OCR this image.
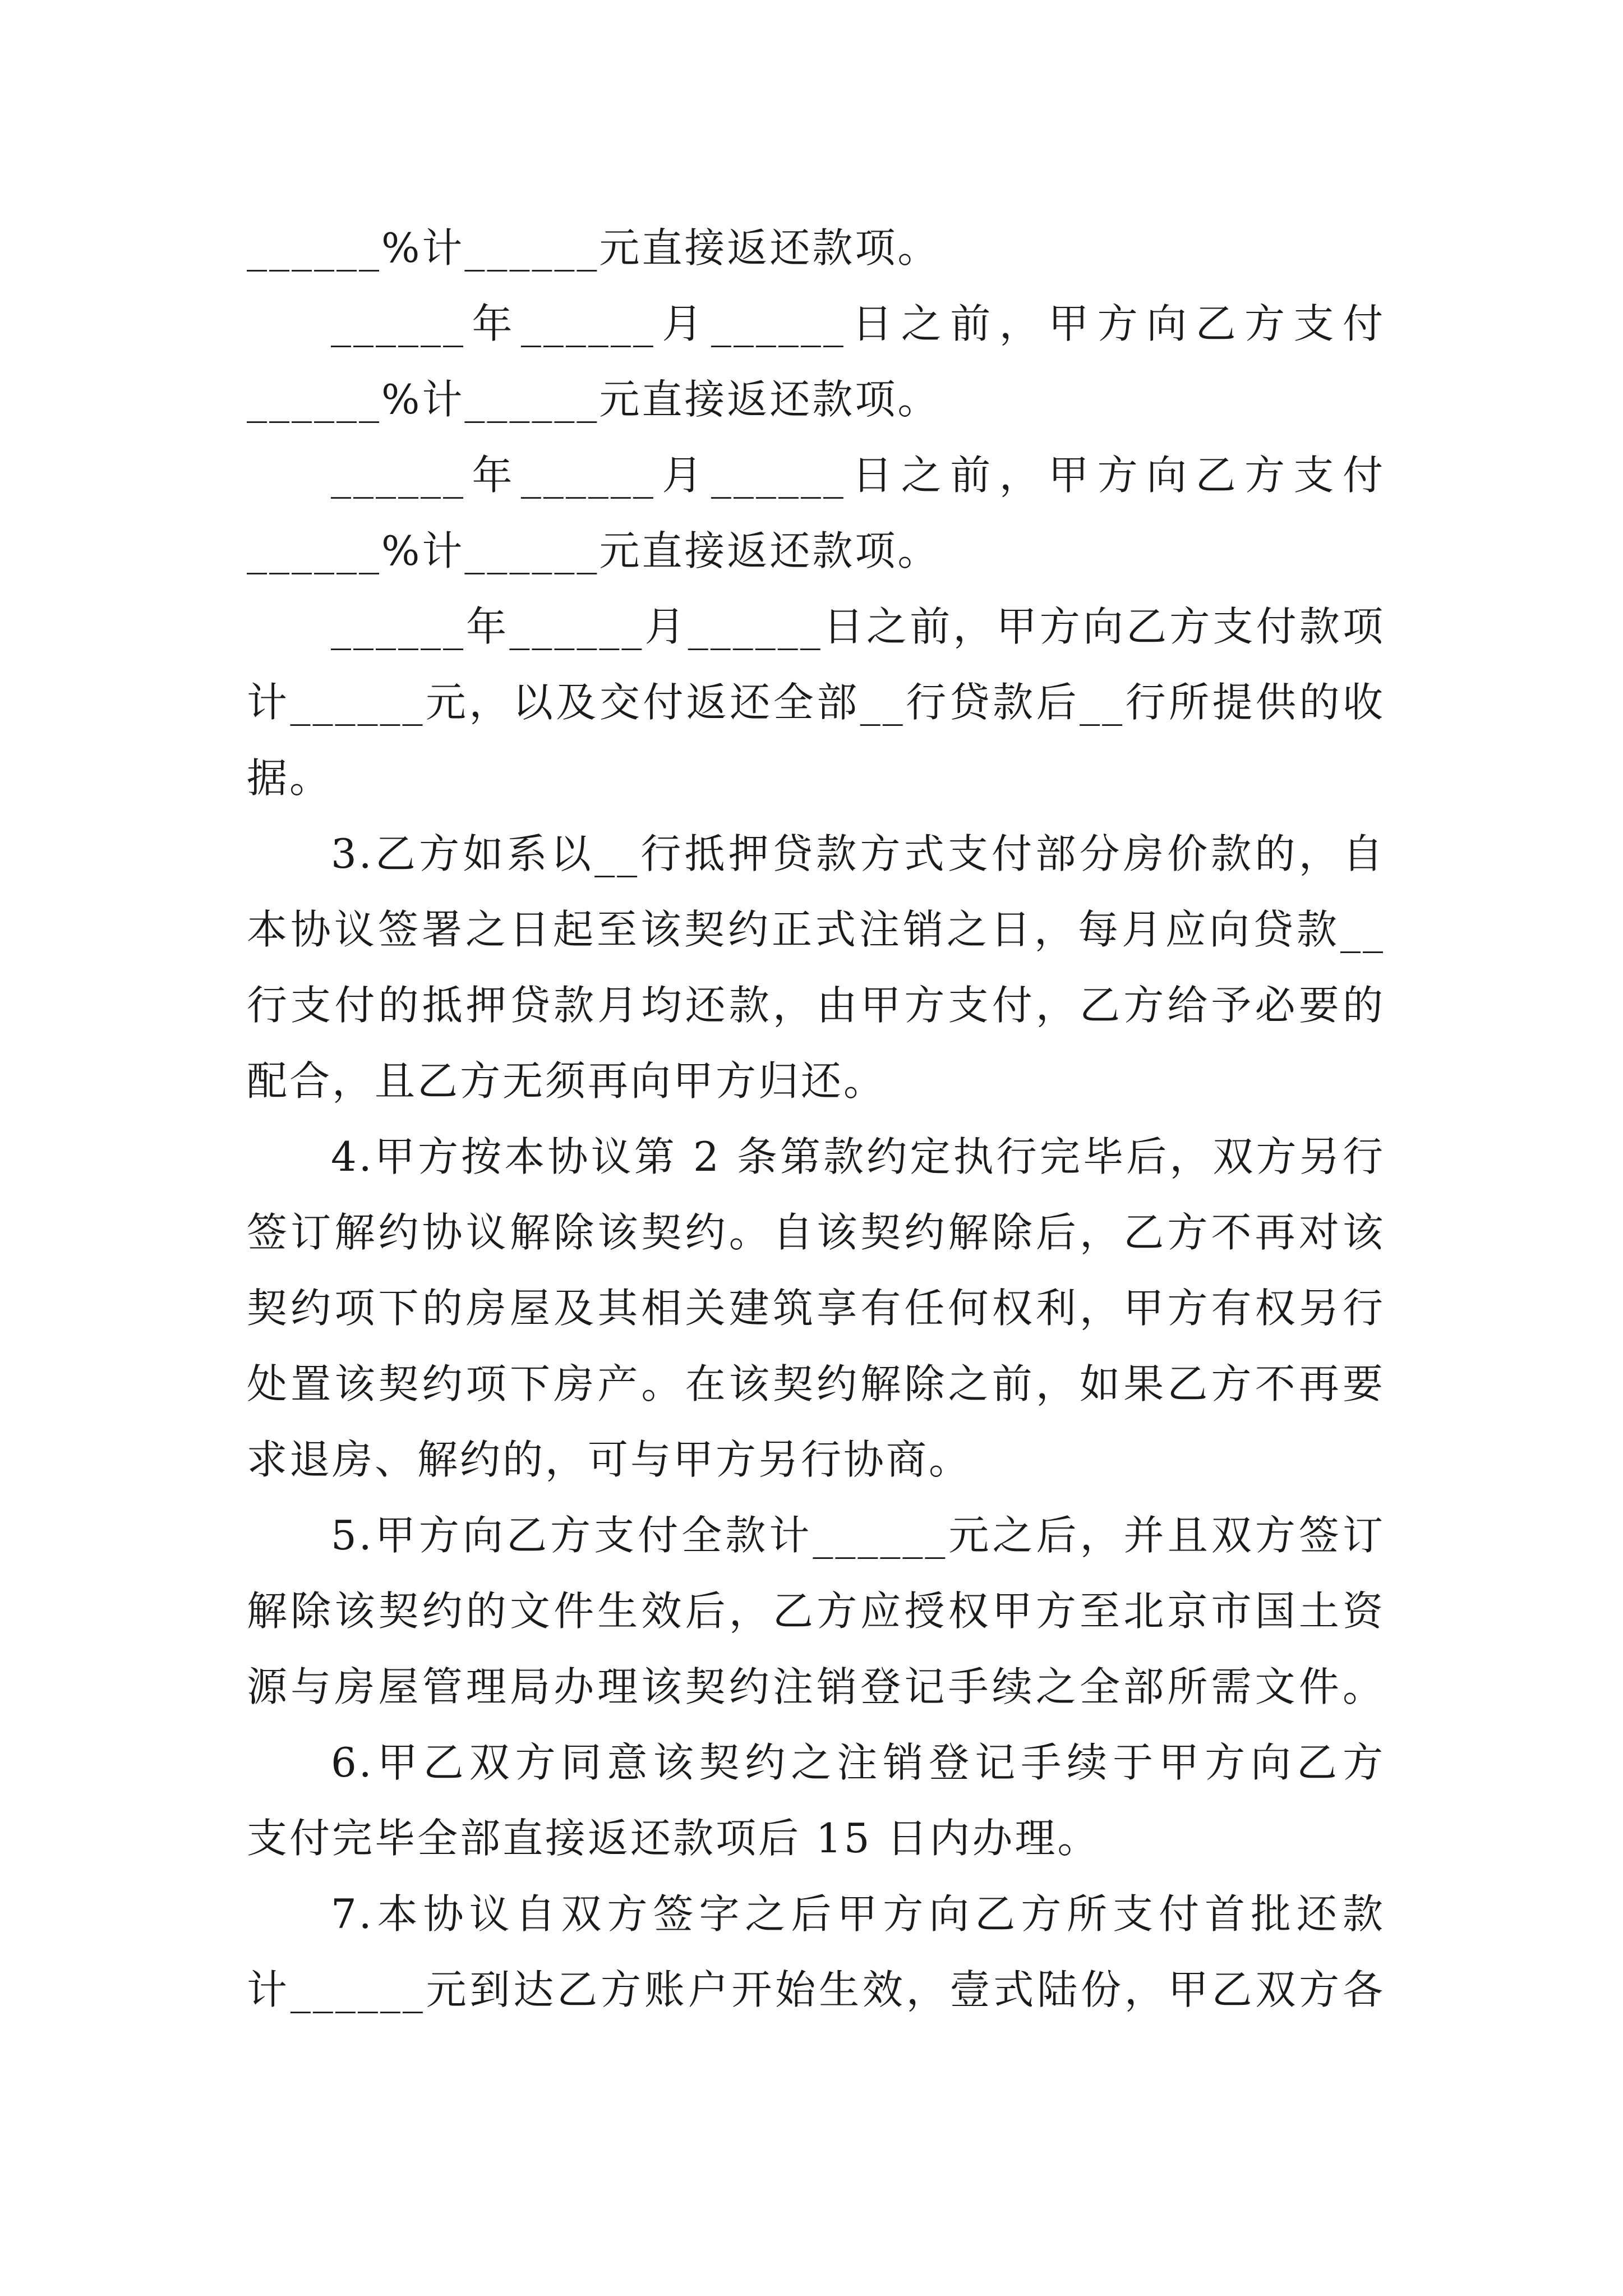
______%计______元直接返还款项。
______年______月______日之前，甲方向乙方支付
______%计______元直接返还款项。
______年______月______日之前，甲方向乙方支付
______%计______元直接返还款项。
______年______月______日之前，甲方向乙方支付款项
计______元，以及交付返还全部__行贷款后__行所提供的收
据。
3.乙方如系以__行抵押贷款方式支付部分房价款的，自
本协议签署之日起至该契约正式注销之日，每月应向贷款__
行支付的抵押贷款月均还款，由甲方支付，乙方给予必要的
配合，且乙方无须再向甲方归还。
4.甲方按本协议第 2 条第款约定执行完毕后，双方另行
签订解约协议解除该契约。自该契约解除后，乙方不再对该
契约项下的房屋及其相关建筑享有任何权利，甲方有权另行
处置该契约项下房产。在该契约解除之前，如果乙方不再要
求退房、解约的，可与甲方另行协商。
5.甲方向乙方支付全款计______元之后，并且双方签订
解除该契约的文件生效后，乙方应授权甲方至北京市国土资
源与房屋管理局办理该契约注销登记手续之全部所需文件。
6.甲乙双方同意该契约之注销登记手续于甲方向乙方
支付完毕全部直接返还款项后 15 日内办理。
7.本协议自双方签字之后甲方向乙方所支付首批还款
计______元到达乙方账户开始生效，壹式陆份，甲乙双方各
